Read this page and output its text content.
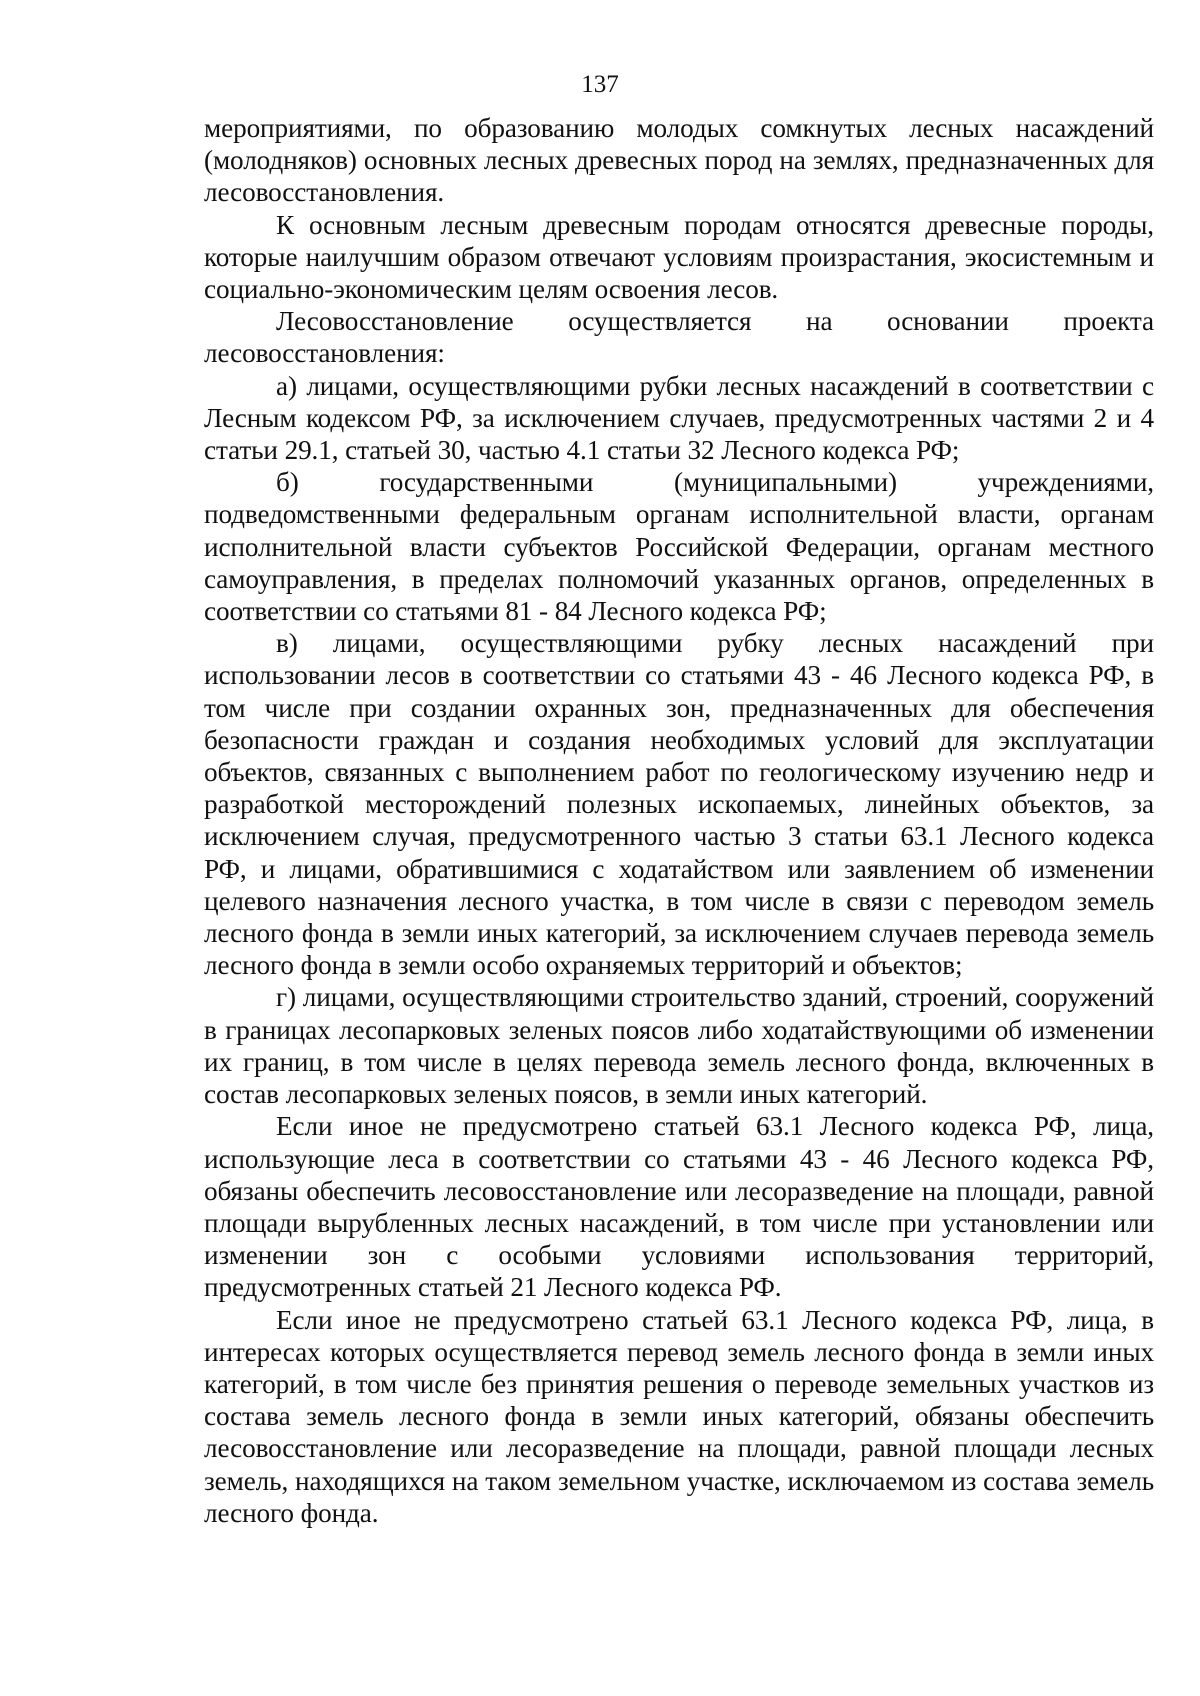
137

мероприятиями, по образованию молодых сомкнутых лесных насаждений (молодняков) основных лесных древесных пород на землях, предназначенных для лесовосстановления.

К основным лесным древесным породам относятся древесные породы, которые наилучшим образом отвечают условиям произрастания, экосистемным и социально-экономическим целям освоения лесов.

Лесовосстановление осуществляется на основании проекта лесовосстановления:

а) лицами, осуществляющими рубки лесных насаждений в соответствии с Лесным кодексом РФ, за исключением случаев, предусмотренных частями 2 и 4 статьи 29.1, статьей 30, частью 4.1 статьи 32 Лесного кодекса РФ;

б) государственными (муниципальными) учреждениями, подведомственными федеральным органам исполнительной власти, органам исполнительной власти субъектов Российской Федерации, органам местного самоуправления, в пределах полномочий указанных органов, определенных в соответствии со статьями 81 - 84 Лесного кодекса РФ;

в) лицами, осуществляющими рубку лесных насаждений при использовании лесов в соответствии со статьями 43 - 46 Лесного кодекса РФ, в том числе при создании охранных зон, предназначенных для обеспечения безопасности граждан и создания необходимых условий для эксплуатации объектов, связанных с выполнением работ по геологическому изучению недр и разработкой месторождений полезных ископаемых, линейных объектов, за исключением случая, предусмотренного частью 3 статьи 63.1 Лесного кодекса РФ, и лицами, обратившимися с ходатайством или заявлением об изменении целевого назначения лесного участка, в том числе в связи с переводом земель лесного фонда в земли иных категорий, за исключением случаев перевода земель лесного фонда в земли особо охраняемых территорий и объектов;

г) лицами, осуществляющими строительство зданий, строений, сооружений в границах лесопарковых зеленых поясов либо ходатайствующими об изменении их границ, в том числе в целях перевода земель лесного фонда, включенных в состав лесопарковых зеленых поясов, в земли иных категорий.

Если иное не предусмотрено статьей 63.1 Лесного кодекса РФ, лица, использующие леса в соответствии со статьями 43 - 46 Лесного кодекса РФ, обязаны обеспечить лесовосстановление или лесоразведение на площади, равной площади вырубленных лесных насаждений, в том числе при установлении или изменении зон с особыми условиями использования территорий, предусмотренных статьей 21 Лесного кодекса РФ.

Если иное не предусмотрено статьей 63.1 Лесного кодекса РФ, лица, в интересах которых осуществляется перевод земель лесного фонда в земли иных категорий, в том числе без принятия решения о переводе земельных участков из состава земель лесного фонда в земли иных категорий, обязаны обеспечить лесовосстановление или лесоразведение на площади, равной площади лесных земель, находящихся на таком земельном участке, исключаемом из состава земель лесного фонда.
